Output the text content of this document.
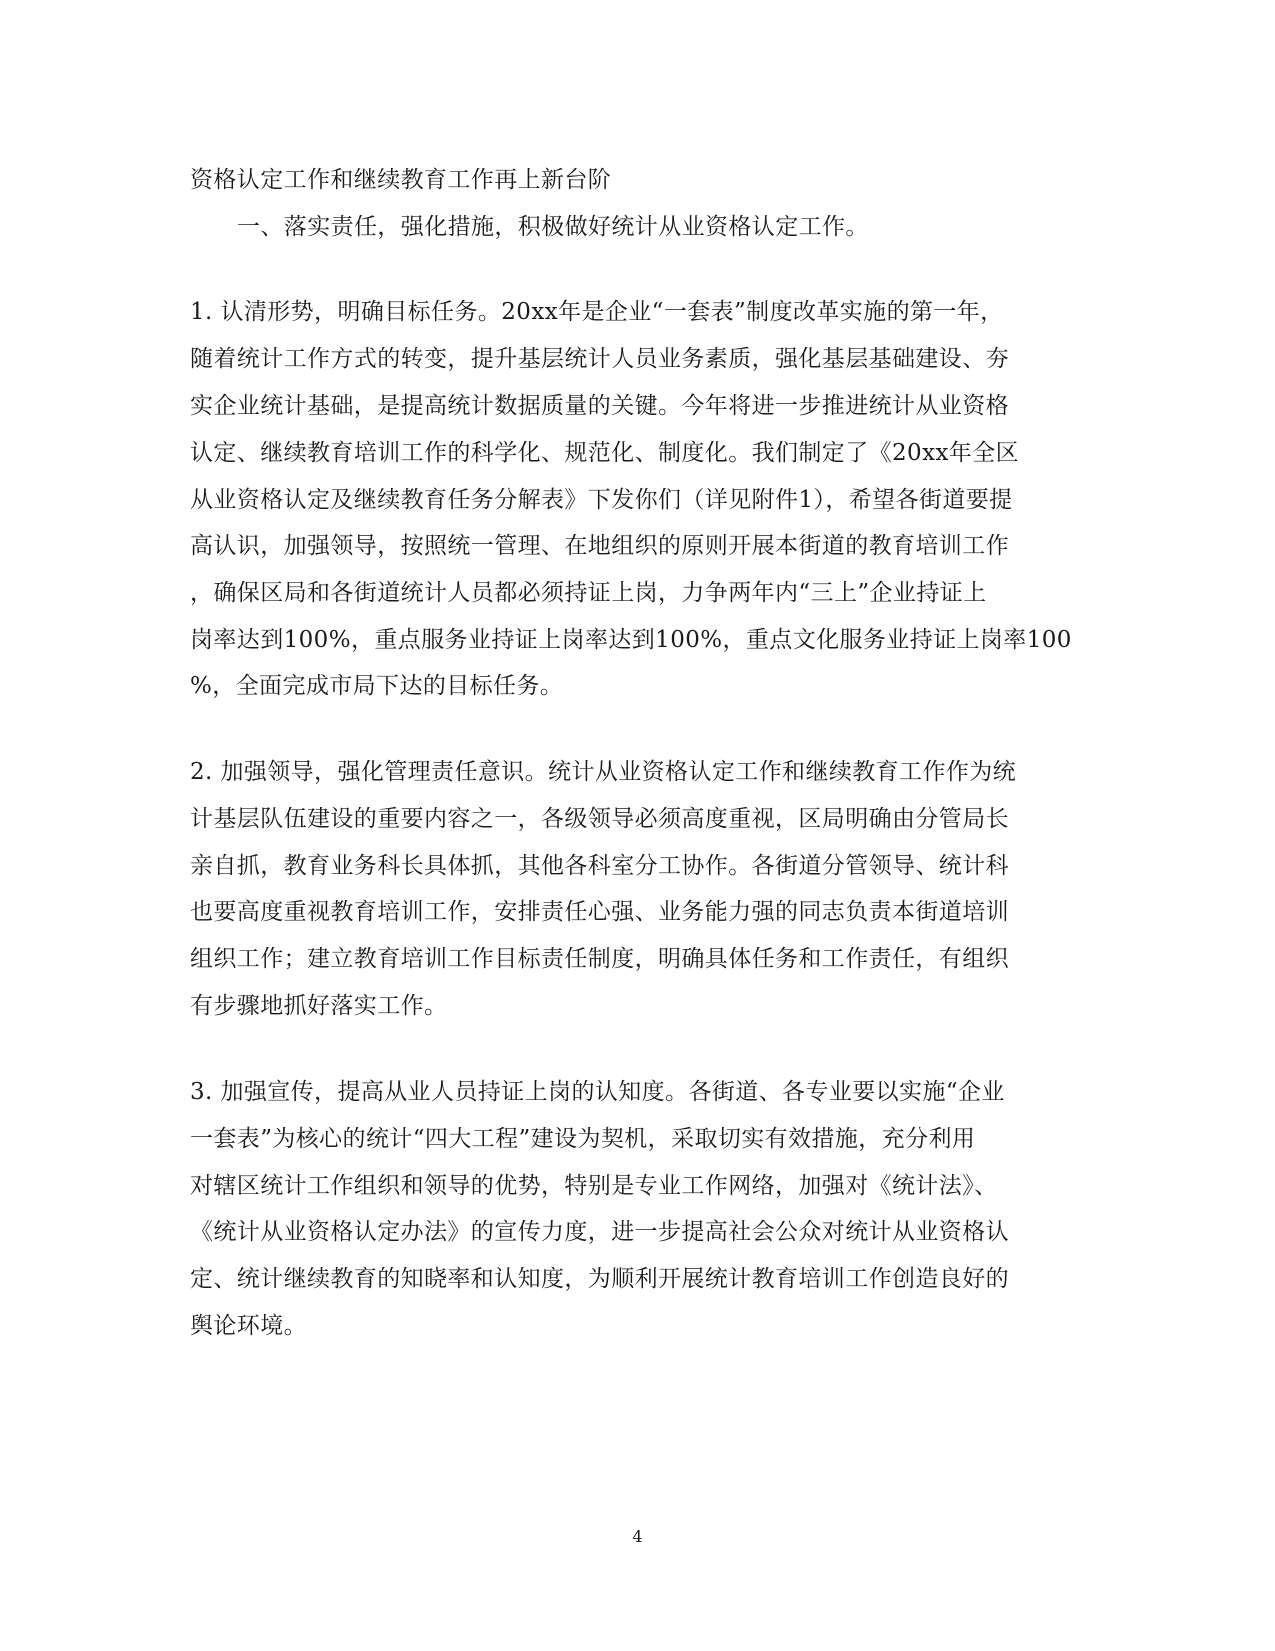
资格认定工作和继续教育工作再上新台阶
一、落实责任，强化措施，积极做好统计从业资格认定工作。
1. 认清形势，明确目标任务。20xx年是企业“一套表”制度改革实施的第一年，
随着统计工作方式的转变，提升基层统计人员业务素质，强化基层基础建设、夯
实企业统计基础，是提高统计数据质量的关键。今年将进一步推进统计从业资格
认定、继续教育培训工作的科学化、规范化、制度化。我们制定了《20xx年全区
从业资格认定及继续教育任务分解表》下发你们（详见附件1），希望各街道要提
高认识，加强领导，按照统一管理、在地组织的原则开展本街道的教育培训工作
，确保区局和各街道统计人员都必须持证上岗，力争两年内“三上”企业持证上
岗率达到100%，重点服务业持证上岗率达到100%，重点文化服务业持证上岗率100
%，全面完成市局下达的目标任务。
2. 加强领导，强化管理责任意识。统计从业资格认定工作和继续教育工作作为统
计基层队伍建设的重要内容之一，各级领导必须高度重视，区局明确由分管局长
亲自抓，教育业务科长具体抓，其他各科室分工协作。各街道分管领导、统计科
也要高度重视教育培训工作，安排责任心强、业务能力强的同志负责本街道培训
组织工作；建立教育培训工作目标责任制度，明确具体任务和工作责任，有组织
有步骤地抓好落实工作。
3. 加强宣传，提高从业人员持证上岗的认知度。各街道、各专业要以实施“企业
一套表”为核心的统计“四大工程”建设为契机，采取切实有效措施，充分利用
对辖区统计工作组织和领导的优势，特别是专业工作网络，加强对《统计法》、
《统计从业资格认定办法》的宣传力度，进一步提高社会公众对统计从业资格认
定、统计继续教育的知晓率和认知度，为顺利开展统计教育培训工作创造良好的
舆论环境。
4
